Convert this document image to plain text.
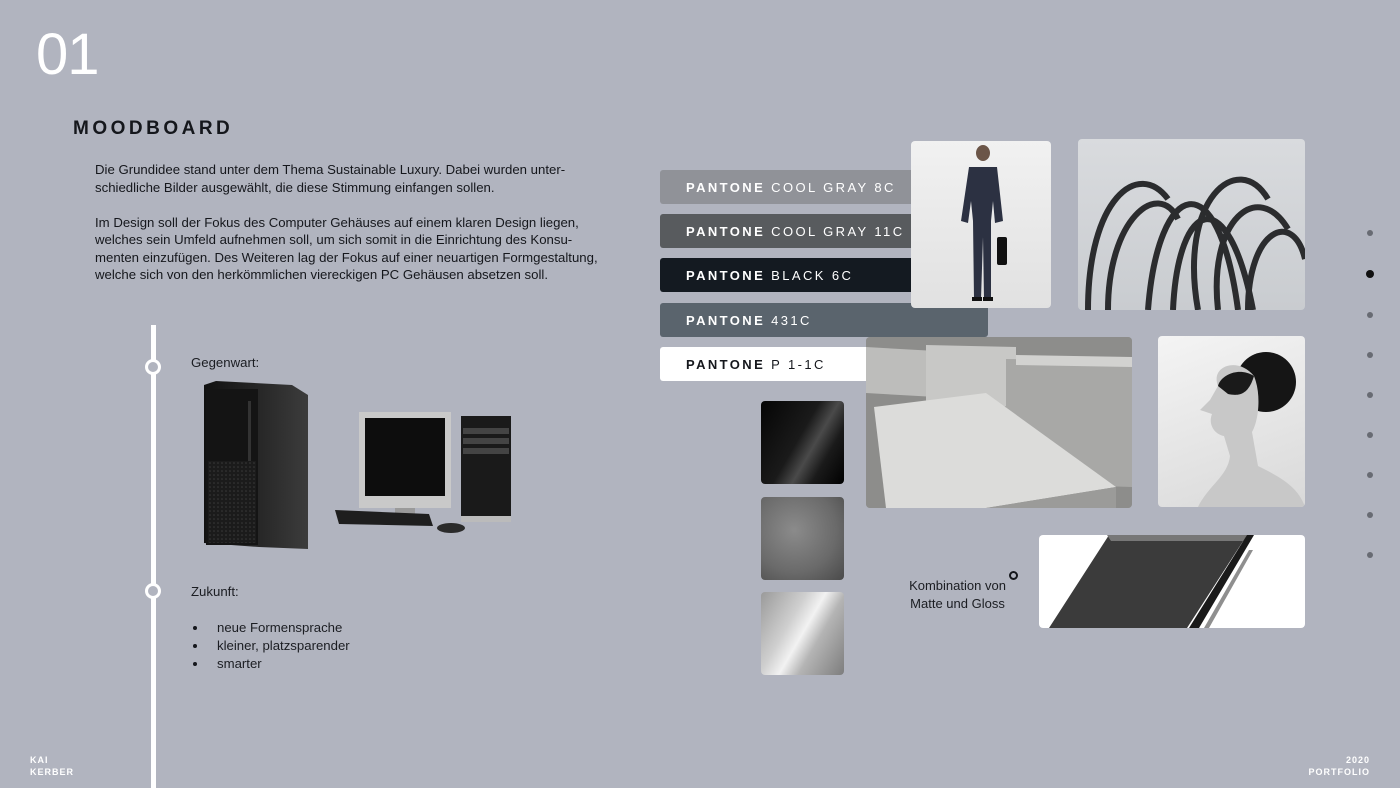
01
MOODBOARD

Die Grundidee stand unter dem Thema Sustainable Luxury. Dabei wurden unter-schiedliche Bilder ausgewählt, die diese Stimmung einfangen sollen.

Im Design soll der Fokus des Computer Gehäuses auf einem klaren Design liegen, welches sein Umfeld aufnehmen soll, um sich somit in die Einrichtung des Konsu-menten einzufügen. Des Weiteren lag der Fokus auf einer neuartigen Formgestaltung, welche sich von den herkömmlichen viereckigen PC Gehäusen absetzen soll.

Gegenwart:
Zukunft:
neue Formensprache
kleiner, platzsparender
smarter
PANTONE COOL GRAY 8C
PANTONE COOL GRAY 11C
PANTONE BLACK 6C
PANTONE 431C
PANTONE P 1-1C
Kombination von Matte und Gloss
KAI
KERBER
2020
PORTFOLIO
